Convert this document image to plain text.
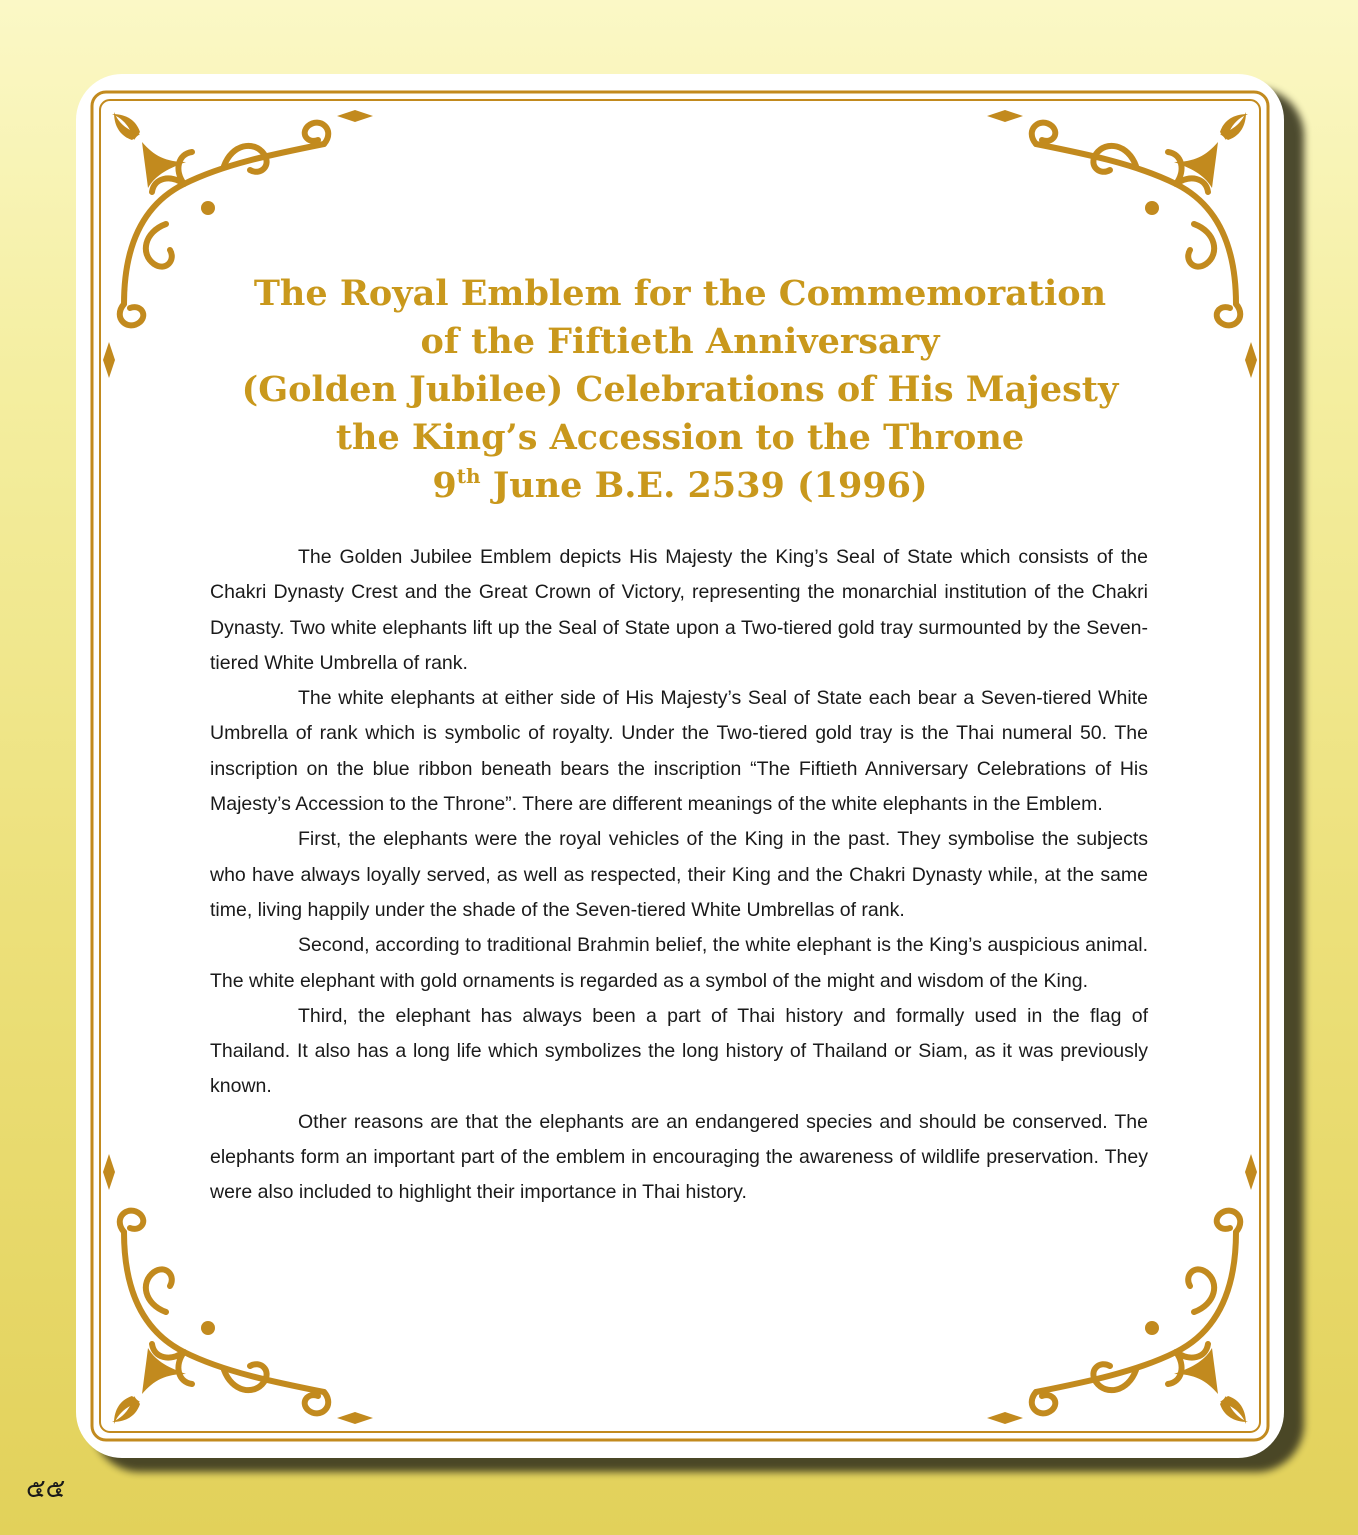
The Royal Emblem for the Commemoration
of the Fiftieth Anniversary
(Golden Jubilee) Celebrations of His Majesty
the King’s Accession to the Throne
9th June B.E. 2539 (1996)

The Golden Jubilee Emblem depicts His Majesty the King’s Seal of State which consists of the Chakri Dynasty Crest and the Great Crown of Victory, representing the monarchial institution of the Chakri Dynasty. Two white elephants lift up the Seal of State upon a Two-tiered gold tray surmounted by the Seven-tiered White Umbrella of rank.

The white elephants at either side of His Majesty’s Seal of State each bear a Seven-tiered White Umbrella of rank which is symbolic of royalty. Under the Two-tiered gold tray is the Thai numeral 50. The inscription on the blue ribbon beneath bears the inscription “The Fiftieth Anniversary Celebrations of His Majesty’s Accession to the Throne”. There are different meanings of the white elephants in the Emblem.

First, the elephants were the royal vehicles of the King in the past. They symbolise the subjects who have always loyally served, as well as respected, their King and the Chakri Dynasty while, at the same time, living happily under the shade of the Seven-tiered White Umbrellas of rank.

Second, according to traditional Brahmin belief, the white elephant is the King’s auspicious animal. The white elephant with gold ornaments is regarded as a symbol of the might and wisdom of the King.

Third, the elephant has always been a part of Thai history and formally used in the flag of Thailand. It also has a long life which symbolizes the long history of Thailand or Siam, as it was previously known.

Other reasons are that the elephants are an endangered species and should be conserved. The elephants form an important part of the emblem in encouraging the awareness of wildlife preservation. They were also included to highlight their importance in Thai history.

๕๕
